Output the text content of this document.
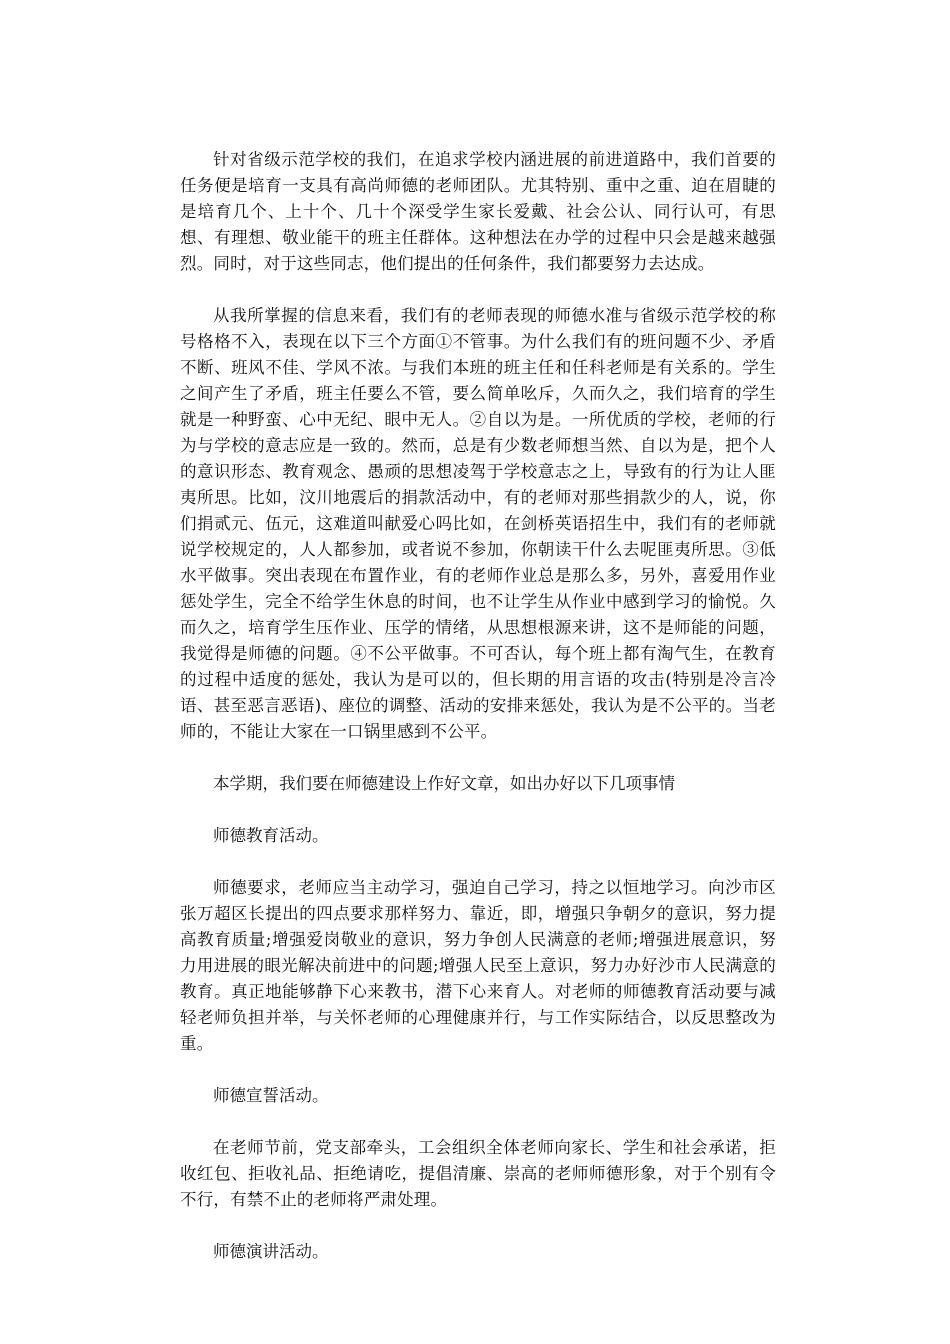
针对省级示范学校的我们，在追求学校内涵进展的前进道路中，我们首要的任务便是培育一支具有高尚师德的老师团队。尤其特别、重中之重、迫在眉睫的是培育几个、上十个、几十个深受学生家长爱戴、社会公认、同行认可，有思想、有理想、敬业能干的班主任群体。这种想法在办学的过程中只会是越来越强烈。同时，对于这些同志，他们提出的任何条件，我们都要努力去达成。

从我所掌握的信息来看，我们有的老师表现的师德水准与省级示范学校的称号格格不入，表现在以下三个方面①不管事。为什么我们有的班问题不少、矛盾不断、班风不佳、学风不浓。与我们本班的班主任和任科老师是有关系的。学生之间产生了矛盾，班主任要么不管，要么简单吆斥，久而久之，我们培育的学生就是一种野蛮、心中无纪、眼中无人。②自以为是。一所优质的学校，老师的行为与学校的意志应是一致的。然而，总是有少数老师想当然、自以为是，把个人的意识形态、教育观念、愚顽的思想凌驾于学校意志之上，导致有的行为让人匪夷所思。比如，汶川地震后的捐款活动中，有的老师对那些捐款少的人，说，你们捐贰元、伍元，这难道叫献爱心吗比如，在剑桥英语招生中，我们有的老师就说学校规定的，人人都参加，或者说不参加，你朝读干什么去呢匪夷所思。③低水平做事。突出表现在布置作业，有的老师作业总是那么多，另外，喜爱用作业惩处学生，完全不给学生休息的时间，也不让学生从作业中感到学习的愉悦。久而久之，培育学生压作业、压学的情绪，从思想根源来讲，这不是师能的问题，我觉得是师德的问题。④不公平做事。不可否认，每个班上都有淘气生，在教育的过程中适度的惩处，我认为是可以的，但长期的用言语的攻击(特别是冷言冷语、甚至恶言恶语)、座位的调整、活动的安排来惩处，我认为是不公平的。当老师的，不能让大家在一口锅里感到不公平。

本学期，我们要在师德建设上作好文章，如出办好以下几项事情

师德教育活动。

师德要求，老师应当主动学习，强迫自己学习，持之以恒地学习。向沙市区张万超区长提出的四点要求那样努力、靠近，即，增强只争朝夕的意识，努力提高教育质量;增强爱岗敬业的意识，努力争创人民满意的老师;增强进展意识，努力用进展的眼光解决前进中的问题;增强人民至上意识，努力办好沙市人民满意的教育。真正地能够静下心来教书，潜下心来育人。对老师的师德教育活动要与减轻老师负担并举，与关怀老师的心理健康并行，与工作实际结合，以反思整改为重。

师德宣誓活动。

在老师节前，党支部牵头，工会组织全体老师向家长、学生和社会承诺，拒收红包、拒收礼品、拒绝请吃，提倡清廉、崇高的老师师德形象，对于个别有令不行，有禁不止的老师将严肃处理。

师德演讲活动。
